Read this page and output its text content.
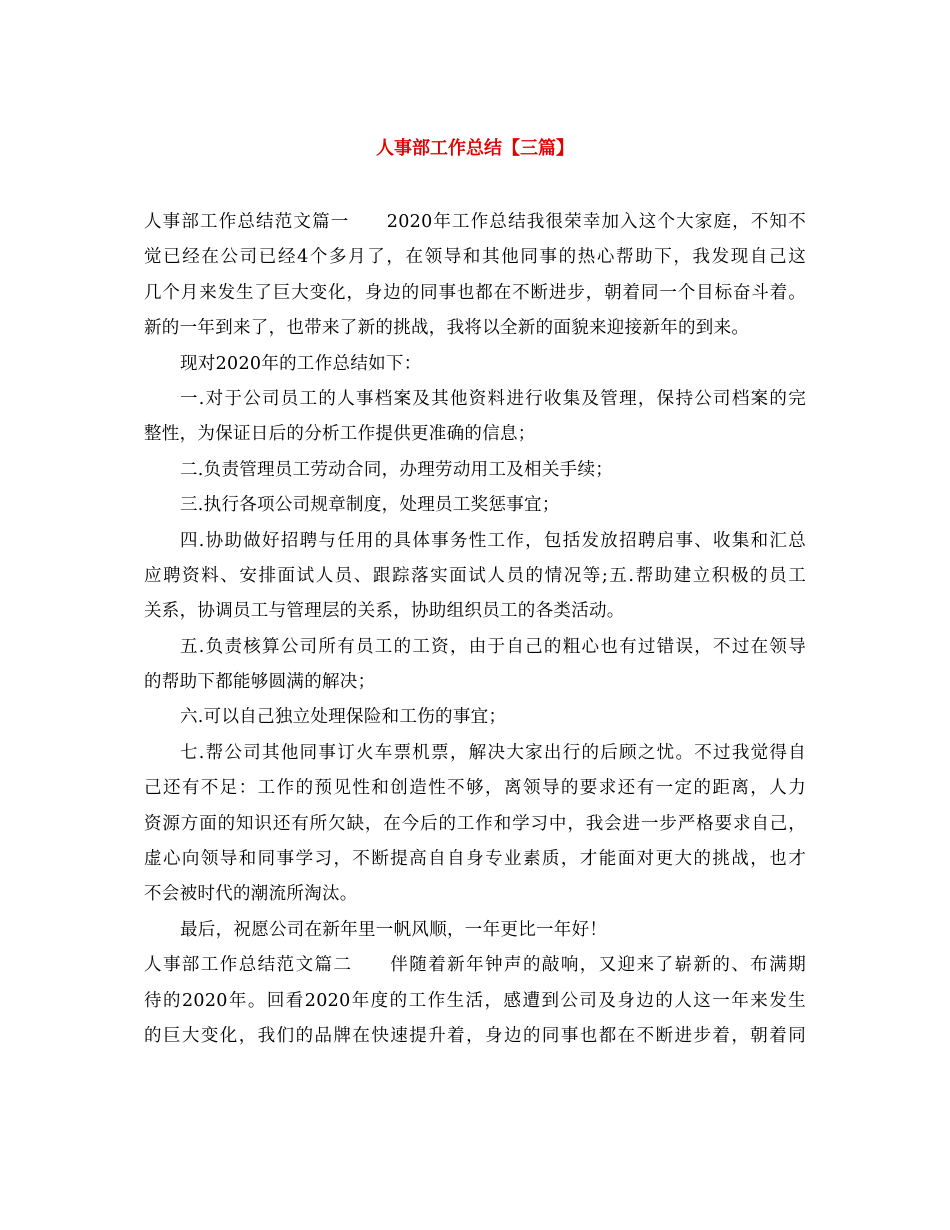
人事部工作总结【三篇】
人事部工作总结范文篇一　　2020年工作总结我很荣幸加入这个大家庭，不知不
觉已经在公司已经4个多月了，在领导和其他同事的热心帮助下，我发现自己这
几个月来发生了巨大变化，身边的同事也都在不断进步，朝着同一个目标奋斗着。
新的一年到来了，也带来了新的挑战，我将以全新的面貌来迎接新年的到来。
现对2020年的工作总结如下：
一.对于公司员工的人事档案及其他资料进行收集及管理，保持公司档案的完
整性，为保证日后的分析工作提供更准确的信息；
二.负责管理员工劳动合同，办理劳动用工及相关手续；
三.执行各项公司规章制度，处理员工奖惩事宜；
四.协助做好招聘与任用的具体事务性工作，包括发放招聘启事、收集和汇总
应聘资料、安排面试人员、跟踪落实面试人员的情况等;五.帮助建立积极的员工
关系，协调员工与管理层的关系，协助组织员工的各类活动。
五.负责核算公司所有员工的工资，由于自己的粗心也有过错误，不过在领导
的帮助下都能够圆满的解决；
六.可以自己独立处理保险和工伤的事宜；
七.帮公司其他同事订火车票机票，解决大家出行的后顾之忧。不过我觉得自
己还有不足：工作的预见性和创造性不够，离领导的要求还有一定的距离，人力
资源方面的知识还有所欠缺，在今后的工作和学习中，我会进一步严格要求自己，
虚心向领导和同事学习，不断提高自自身专业素质，才能面对更大的挑战，也才
不会被时代的潮流所淘汰。
最后，祝愿公司在新年里一帆风顺，一年更比一年好！
人事部工作总结范文篇二　　伴随着新年钟声的敲响，又迎来了崭新的、布满期
待的2020年。回看2020年度的工作生活，感遭到公司及身边的人这一年来发生
的巨大变化，我们的品牌在快速提升着，身边的同事也都在不断进步着，朝着同
